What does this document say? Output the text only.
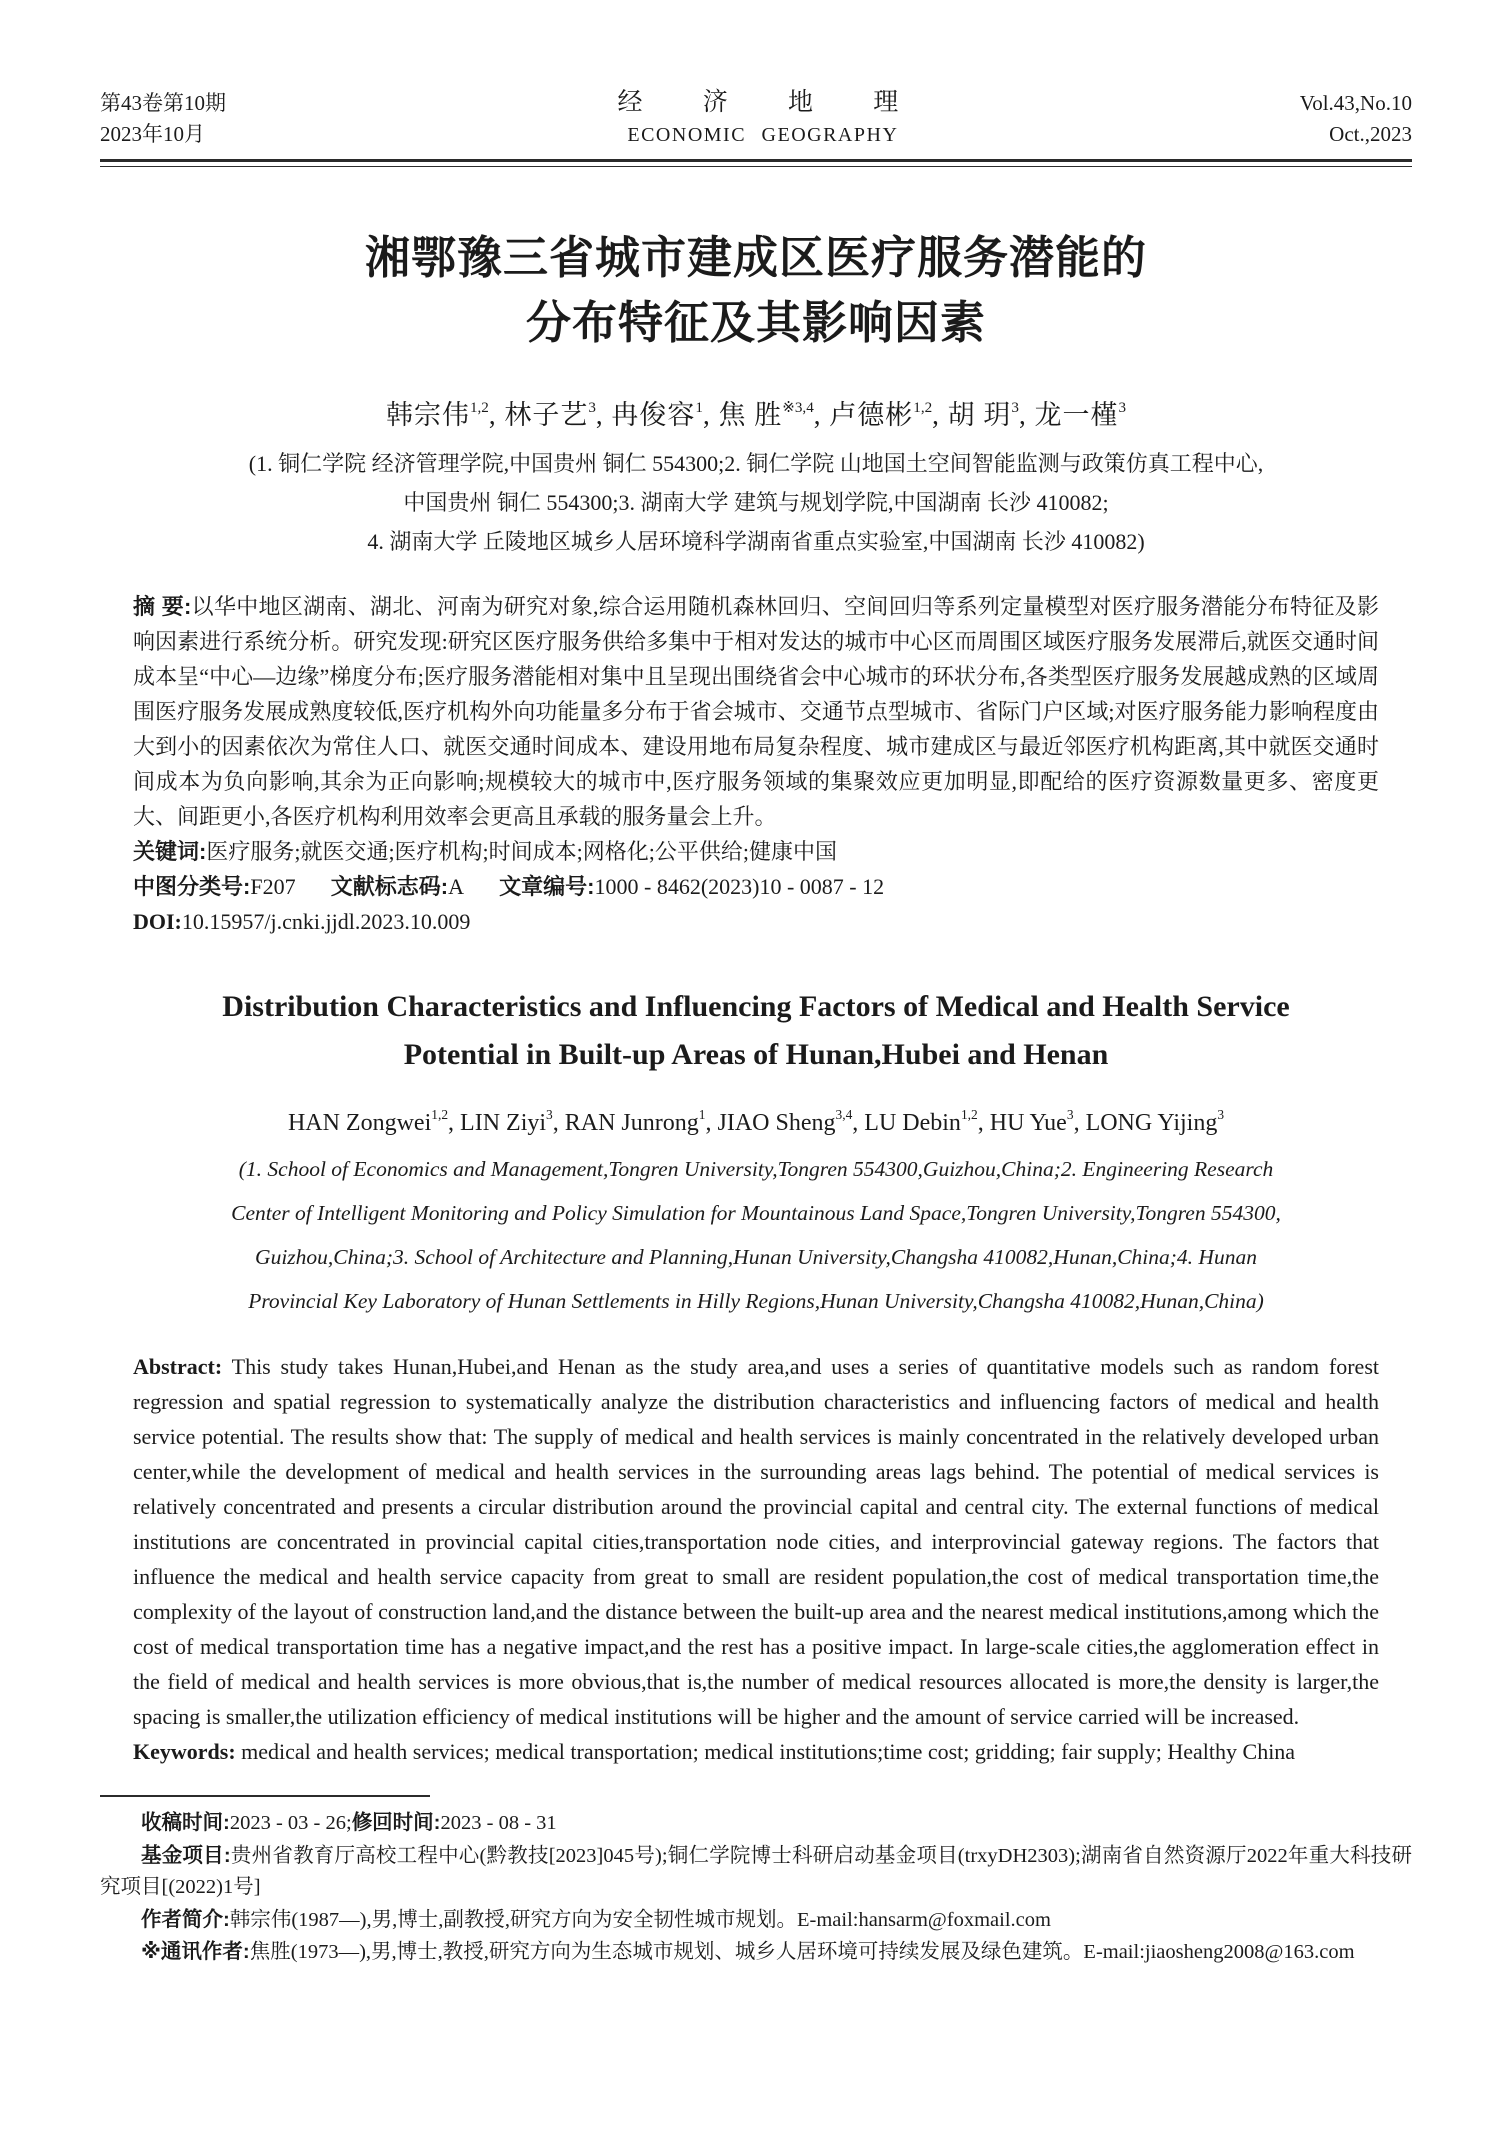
第43卷第10期
2023年10月
经 济 地 理
ECONOMIC GEOGRAPHY
Vol.43,No.10
Oct.,2023
湘鄂豫三省城市建成区医疗服务潜能的
分布特征及其影响因素
韩宗伟$^{1,2}$, 林子艺$^3$, 冉俊容$^1$, 焦 胜$^{※3,4}$, 卢德彬$^{1,2}$, 胡 玥$^3$, 龙一槿$^3$
(1. 铜仁学院 经济管理学院,中国贵州 铜仁 554300;2. 铜仁学院 山地国土空间智能监测与政策仿真工程中心,
中国贵州 铜仁 554300;3. 湖南大学 建筑与规划学院,中国湖南 长沙 410082;
4. 湖南大学 丘陵地区城乡人居环境科学湖南省重点实验室,中国湖南 长沙 410082)

摘 要:以华中地区湖南、湖北、河南为研究对象,综合运用随机森林回归、空间回归等系列定量模型对医疗服务潜能分布特征及影响因素进行系统分析。研究发现:研究区医疗服务供给多集中于相对发达的城市中心区而周围区域医疗服务发展滞后,就医交通时间成本呈“中心—边缘”梯度分布;医疗服务潜能相对集中且呈现出围绕省会中心城市的环状分布,各类型医疗服务发展越成熟的区域周围医疗服务发展成熟度较低,医疗机构外向功能量多分布于省会城市、交通节点型城市、省际门户区域;对医疗服务能力影响程度由大到小的因素依次为常住人口、就医交通时间成本、建设用地布局复杂程度、城市建成区与最近邻医疗机构距离,其中就医交通时间成本为负向影响,其余为正向影响;规模较大的城市中,医疗服务领域的集聚效应更加明显,即配给的医疗资源数量更多、密度更大、间距更小,各医疗机构利用效率会更高且承载的服务量会上升。

关键词:医疗服务;就医交通;医疗机构;时间成本;网格化;公平供给;健康中国

中图分类号:F207 文献标志码:A 文章编号:1000 - 8462(2023)10 - 0087 - 12

DOI:10.15957/j.cnki.jjdl.2023.10.009

Distribution Characteristics and Influencing Factors of Medical and Health Service
Potential in Built-up Areas of Hunan,Hubei and Henan
HAN Zongwei$^{1,2}$, LIN Ziyi$^3$, RAN Junrong$^1$, JIAO Sheng$^{3,4}$, LU Debin$^{1,2}$, HU Yue$^3$, LONG Yijing$^3$
(1. School of Economics and Management,Tongren University,Tongren 554300,Guizhou,China;2. Engineering Research
Center of Intelligent Monitoring and Policy Simulation for Mountainous Land Space,Tongren University,Tongren 554300,
Guizhou,China;3. School of Architecture and Planning,Hunan University,Changsha 410082,Hunan,China;4. Hunan
Provincial Key Laboratory of Hunan Settlements in Hilly Regions,Hunan University,Changsha 410082,Hunan,China)

Abstract: This study takes Hunan,Hubei,and Henan as the study area,and uses a series of quantitative models such as random forest regression and spatial regression to systematically analyze the distribution characteristics and influencing factors of medical and health service potential. The results show that: The supply of medical and health services is mainly concentrated in the relatively developed urban center,while the development of medical and health services in the surrounding areas lags behind. The potential of medical services is relatively concentrated and presents a circular distribution around the provincial capital and central city. The external functions of medical institutions are concentrated in provincial capital cities,transportation node cities, and interprovincial gateway regions. The factors that influence the medical and health service capacity from great to small are resident population,the cost of medical transportation time,the complexity of the layout of construction land,and the distance between the built-up area and the nearest medical institutions,among which the cost of medical transportation time has a negative impact,and the rest has a positive impact. In large-scale cities,the agglomeration effect in the field of medical and health services is more obvious,that is,the number of medical resources allocated is more,the density is larger,the spacing is smaller,the utilization efficiency of medical institutions will be higher and the amount of service carried will be increased.

Keywords: medical and health services; medical transportation; medical institutions;time cost; gridding; fair supply; Healthy China

收稿时间:2023 - 03 - 26;修回时间:2023 - 08 - 31

基金项目:贵州省教育厅高校工程中心(黔教技[2023]045号);铜仁学院博士科研启动基金项目(trxyDH2303);湖南省自然资源厅2022年重大科技研究项目[(2022)1号]

作者简介:韩宗伟(1987—),男,博士,副教授,研究方向为安全韧性城市规划。E-mail:hansarm@foxmail.com

※通讯作者:焦胜(1973—),男,博士,教授,研究方向为生态城市规划、城乡人居环境可持续发展及绿色建筑。E-mail:jiaosheng2008@163.com
